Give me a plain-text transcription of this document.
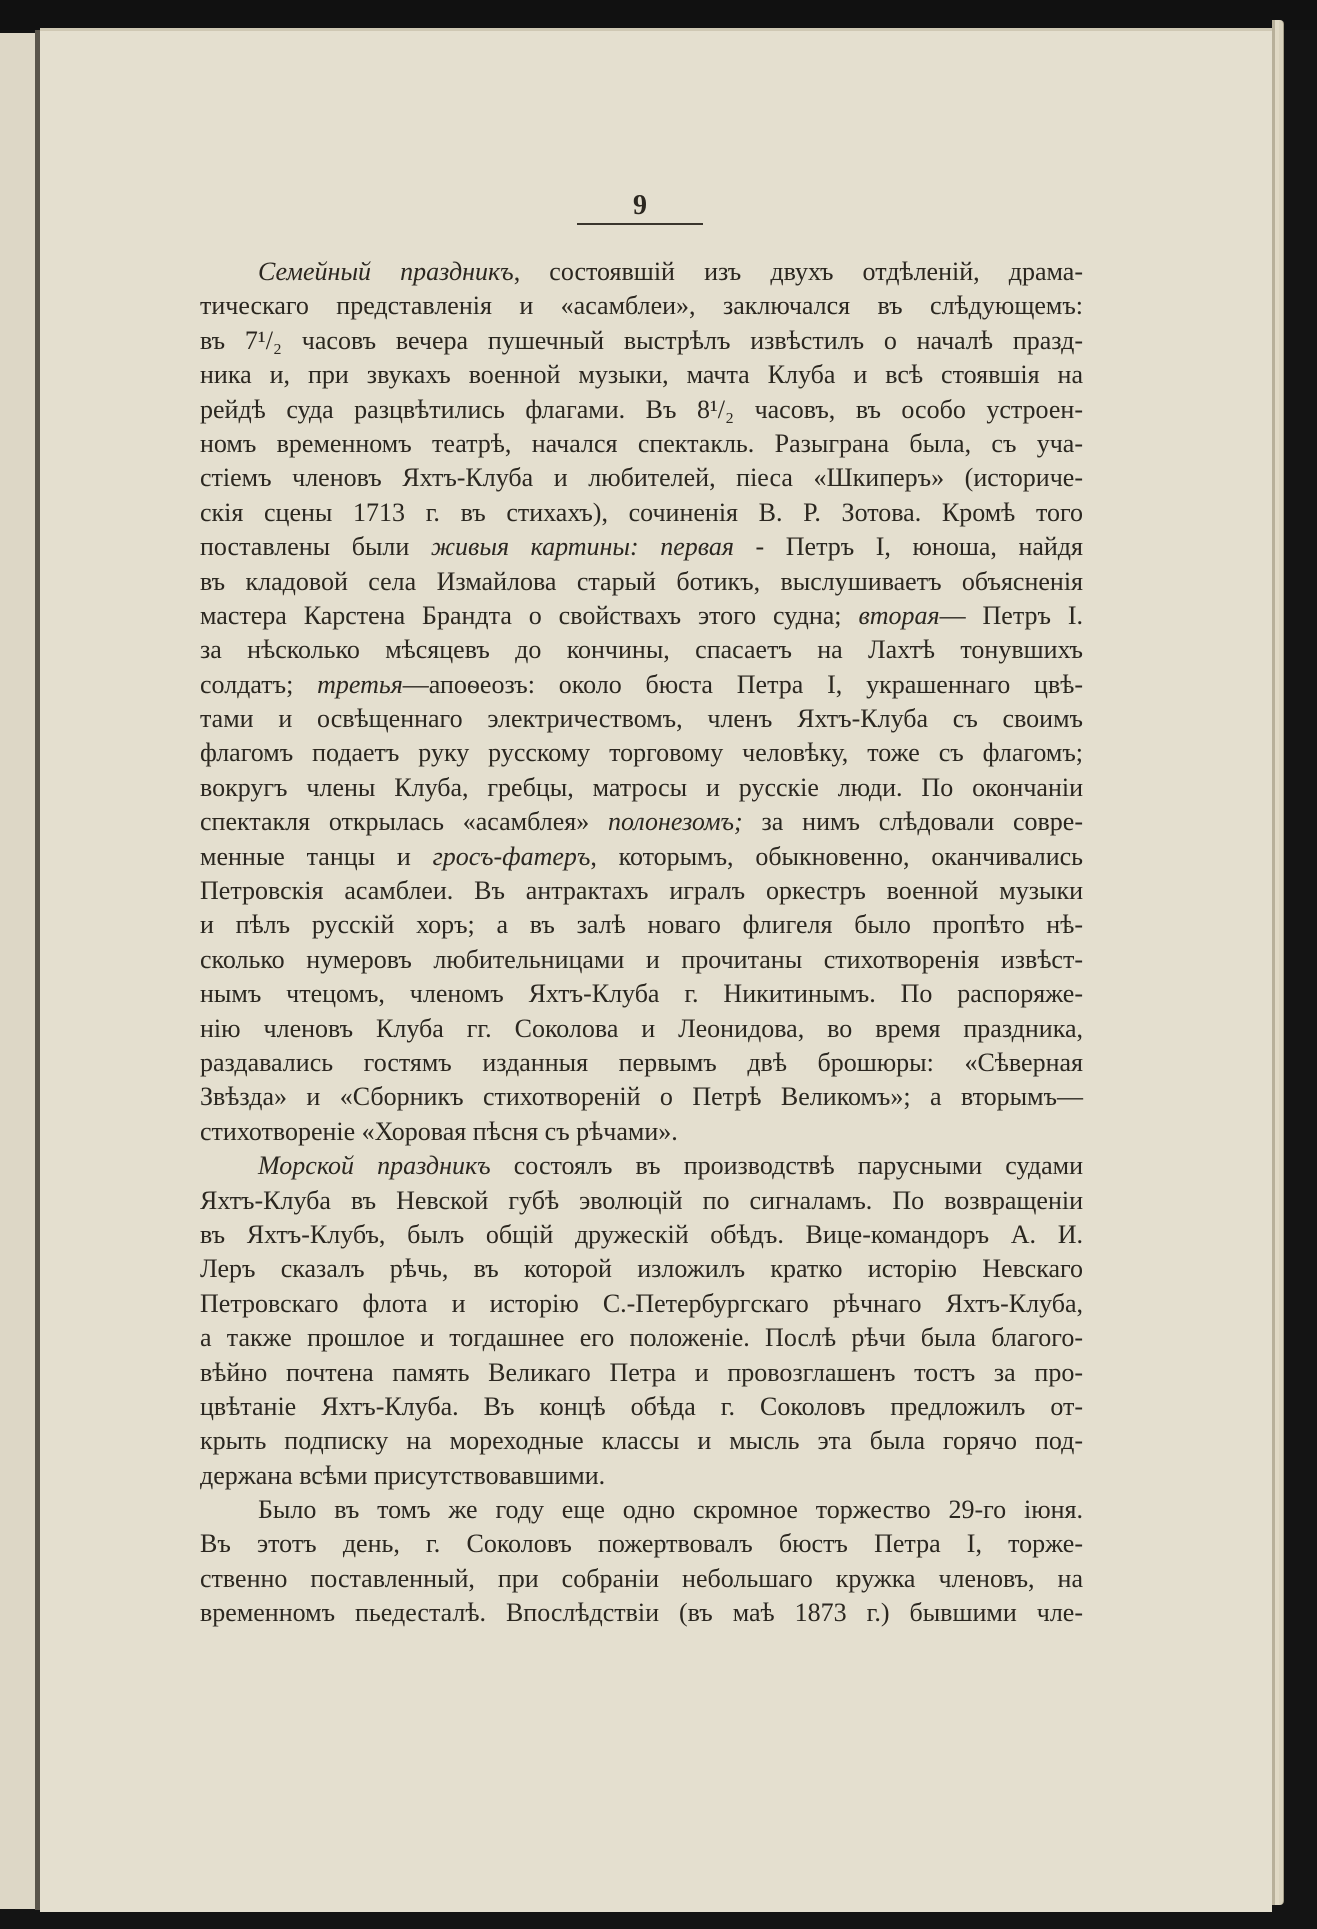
9
Семейный праздникъ, состоявшій изъ двухъ отдѣленій, драма-
тическаго представленія и «асамблеи», заключался въ слѣдующемъ:
въ 7¹/₂ часовъ вечера пушечный выстрѣлъ извѣстилъ о началѣ празд-
ника и, при звукахъ военной музыки, мачта Клуба и всѣ стоявшія на
рейдѣ суда разцвѣтились флагами. Въ 8¹/₂ часовъ, въ особо устроен-
номъ временномъ театрѣ, начался спектакль. Разыграна была, съ уча-
стіемъ членовъ Яхтъ-Клуба и любителей, піеса «Шкиперъ» (историче-
скія сцены 1713 г. въ стихахъ), сочиненія В. Р. Зотова. Кромѣ того
поставлены были живыя картины: первая - Петръ I, юноша, найдя
въ кладовой села Измайлова старый ботикъ, выслушиваетъ объясненія
мастера Карстена Брандта о свойствахъ этого судна; вторая— Петръ I.
за нѣсколько мѣсяцевъ до кончины, спасаетъ на Лахтѣ тонувшихъ
солдатъ; третья—апоѳеозъ: около бюста Петра I, украшеннаго цвѣ-
тами и освѣщеннаго электричествомъ, членъ Яхтъ-Клуба съ своимъ
флагомъ подаетъ руку русскому торговому человѣку, тоже съ флагомъ;
вокругъ члены Клуба, гребцы, матросы и русскіе люди. По окончаніи
спектакля открылась «асамблея» полонезомъ; за нимъ слѣдовали совре-
менные танцы и гросъ-фатеръ, которымъ, обыкновенно, оканчивались
Петровскія асамблеи. Въ антрактахъ игралъ оркестръ военной музыки
и пѣлъ русскій хоръ; а въ залѣ новаго флигеля было пропѣто нѣ-
сколько нумеровъ любительницами и прочитаны стихотворенія извѣст-
нымъ чтецомъ, членомъ Яхтъ-Клуба г. Никитинымъ. По распоряже-
нію членовъ Клуба гг. Соколова и Леонидова, во время праздника,
раздавались гостямъ изданныя первымъ двѣ брошюры: «Сѣверная
Звѣзда» и «Сборникъ стихотвореній о Петрѣ Великомъ»; а вторымъ—
стихотвореніе «Хоровая пѣсня съ рѣчами».
Морской праздникъ состоялъ въ производствѣ парусными судами
Яхтъ-Клуба въ Невской губѣ эволюцій по сигналамъ. По возвращеніи
въ Яхтъ-Клубъ, былъ общій дружескій обѣдъ. Вице-командоръ А. И.
Леръ сказалъ рѣчь, въ которой изложилъ кратко исторію Невскаго
Петровскаго флота и исторію С.-Петербургскаго рѣчнаго Яхтъ-Клуба,
а также прошлое и тогдашнее его положеніе. Послѣ рѣчи была благого-
вѣйно почтена память Великаго Петра и провозглашенъ тостъ за про-
цвѣтаніе Яхтъ-Клуба. Въ концѣ обѣда г. Соколовъ предложилъ от-
крыть подписку на мореходные классы и мысль эта была горячо под-
держана всѣми присутствовавшими.
Было въ томъ же году еще одно скромное торжество 29-го іюня.
Въ этотъ день, г. Соколовъ пожертвовалъ бюстъ Петра I, торже-
ственно поставленный, при собраніи небольшаго кружка членовъ, на
временномъ пьедесталѣ. Впослѣдствіи (въ маѣ 1873 г.) бывшими чле-
